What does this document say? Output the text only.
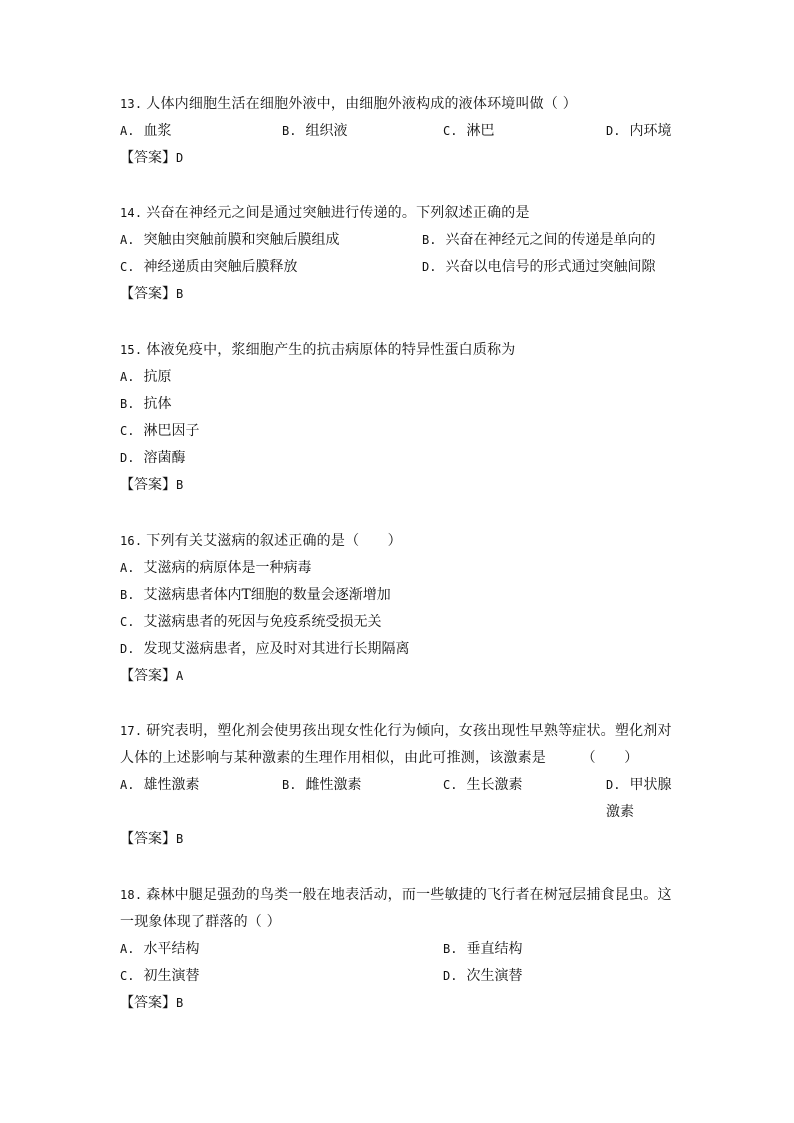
13. 人体内细胞生活在细胞外液中，由细胞外液构成的液体环境叫做（ ）

A. 血浆	B. 组织液	C. 淋巴	D. 内环境

【答案】D

14. 兴奋在神经元之间是通过突触进行传递的。下列叙述正确的是

A. 突触由突触前膜和突触后膜组成	B. 兴奋在神经元之间的传递是单向的
C. 神经递质由突触后膜释放	D. 兴奋以电信号的形式通过突触间隙

【答案】B

15. 体液免疫中，浆细胞产生的抗击病原体的特异性蛋白质称为

A. 抗原
B. 抗体
C. 淋巴因子
D. 溶菌酶

【答案】B

16. 下列有关艾滋病的叙述正确的是（　　）

A. 艾滋病的病原体是一种病毒
B. 艾滋病患者体内T细胞的数量会逐渐增加
C. 艾滋病患者的死因与免疫系统受损无关
D. 发现艾滋病患者，应及时对其进行长期隔离

【答案】A

17. 研究表明，塑化剂会使男孩出现女性化行为倾向，女孩出现性早熟等症状。塑化剂对人体的上述影响与某种激素的生理作用相似，由此可推测，该激素是　　　（　　）

A. 雄性激素	B. 雌性激素	C. 生长激素	D. 甲状腺激素

【答案】B

18. 森林中腿足强劲的鸟类一般在地表活动，而一些敏捷的飞行者在树冠层捕食昆虫。这一现象体现了群落的（ ）

A. 水平结构	B. 垂直结构
C. 初生演替	D. 次生演替

【答案】B
